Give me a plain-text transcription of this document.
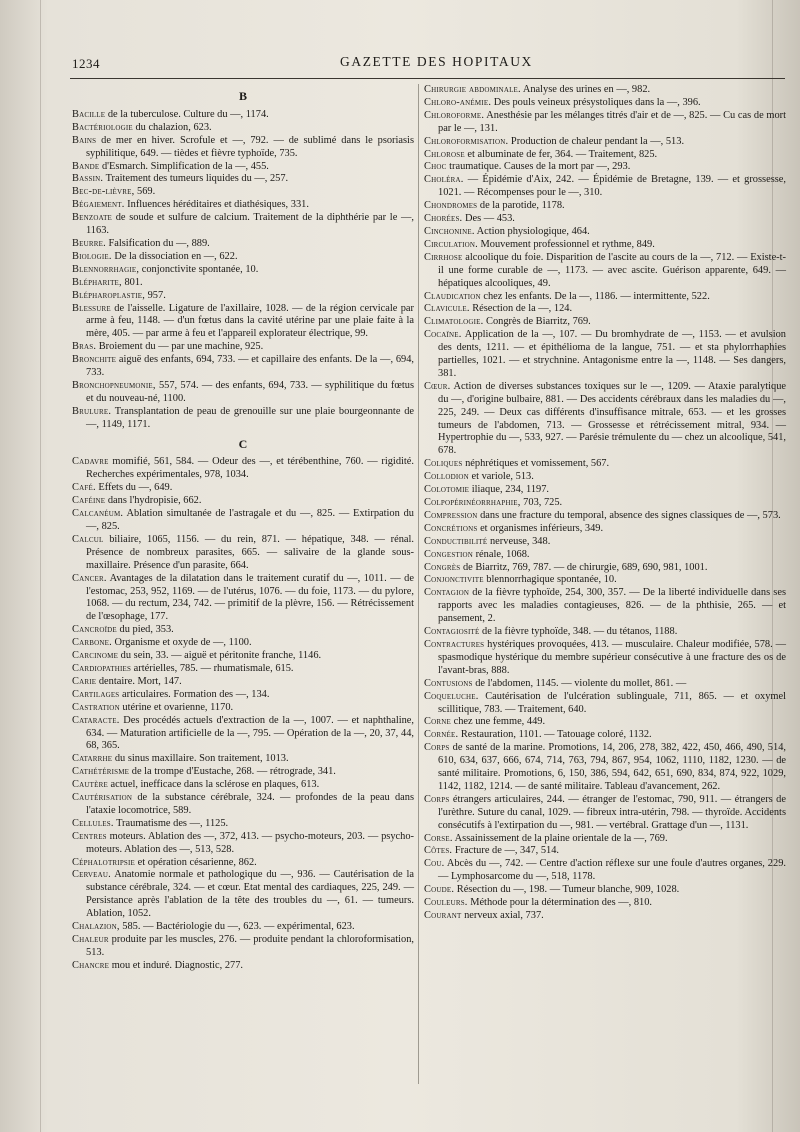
1234	GAZETTE DES HOPITAUX
B

Bacille de la tuberculose. Culture du —, 1174.

Bactériologie du chalazion, 623.

Bains de mer en hiver. Scrofule et —, 792. — de sublimé dans le psoriasis syphilitique, 649. — tièdes et fièvre typhoïde, 735.

Bande d'Esmarch. Simplification de la —, 455.

Bassin. Traitement des tumeurs liquides du —, 257.

Bec-de-lièvre, 569.

Bégaiement. Influences héréditaires et diathésiques, 331.

Benzoate de soude et sulfure de calcium. Traitement de la diphthérie par le —, 1163.

Beurre. Falsification du —, 889.

Biologie. De la dissociation en —, 622.

Blennorrhagie, conjonctivite spontanée, 10.

Blépharite, 801.

Blépharoplastie, 957.

Blessure de l'aisselle. Ligature de l'axillaire, 1028. — de la région cervicale par arme à feu, 1148. — d'un fœtus dans la cavité utérine par une plaie faite à la mère, 405. — par arme à feu et l'appareil explorateur électrique, 99.

Bras. Broiement du — par une machine, 925.

Bronchite aiguë des enfants, 694, 733. — et capillaire des enfants. De la —, 694, 733.

Bronchopneumonie, 557, 574. — des enfants, 694, 733. — syphilitique du fœtus et du nouveau-né, 1100.

Brulure. Transplantation de peau de grenouille sur une plaie bourgeonnante de —, 1149, 1171.

C

Cadavre momifié, 561, 584. — Odeur des —, et térébenthine, 760. — rigidité. Recherches expérimentales, 978, 1034.

Café. Effets du —, 649.

Caféine dans l'hydropisie, 662.

Calcanéum. Ablation simultanée de l'astragale et du —, 825. — Extirpation du —, 825.

Calcul biliaire, 1065, 1156. — du rein, 871. — hépatique, 348. — rénal. Présence de nombreux parasites, 665. — salivaire de la glande sous-maxillaire. Présence d'un parasite, 664.

Cancer. Avantages de la dilatation dans le traitement curatif du —, 1011. — de l'estomac, 253, 952, 1169. — de l'utérus, 1076. — du foie, 1173. — du pylore, 1068. — du rectum, 234, 742. — primitif de la plèvre, 156. — Rétrécissement de l'œsophage, 177.

Cancroïde du pied, 353.

Carbone. Organisme et oxyde de —, 1100.

Carcinome du sein, 33. — aiguë et péritonite franche, 1146.

Cardiopathies artérielles, 785. — rhumatismale, 615.

Carie dentaire. Mort, 147.

Cartilages articulaires. Formation des —, 134.

Castration utérine et ovarienne, 1170.

Cataracte. Des procédés actuels d'extraction de la —, 1007. — et naphthaline, 634. — Maturation artificielle de la —, 795. — Opération de la —, 20, 37, 44, 68, 365.

Catarrhe du sinus maxillaire. Son traitement, 1013.

Cathétérisme de la trompe d'Eustache, 268. — rétrograde, 341.

Cautère actuel, inefficace dans la sclérose en plaques, 613.

Cautérisation de la substance cérébrale, 324. — profondes de la peau dans l'ataxie locomotrice, 589.

Cellules. Traumatisme des —, 1125.

Centres moteurs. Ablation des —, 372, 413. — psycho-moteurs, 203. — psycho-moteurs. Ablation des —, 513, 528.

Céphalotripsie et opération césarienne, 862.

Cerveau. Anatomie normale et pathologique du —, 936. — Cautérisation de la substance cérébrale, 324. — et cœur. Etat mental des cardiaques, 225, 249. — Persistance après l'ablation de la tête des troubles du —, 61. — tumeurs. Ablation, 1052.

Chalazion, 585. — Bactériologie du —, 623. — expérimental, 623.

Chaleur produite par les muscles, 276. — produite pendant la chloroformisation, 513.

Chancre mou et induré. Diagnostic, 277.

Chirurgie abdominale. Analyse des urines en —, 982.

Chloro-anémie. Des pouls veineux présystoliques dans la —, 396.

Chloroforme. Anesthésie par les mélanges titrés d'air et de —, 825. — Cu cas de mort par le —, 131.

Chloroformisation. Production de chaleur pendant la —, 513.

Chlorose et albuminate de fer, 364. — Traitement, 825.

Choc traumatique. Causes de la mort par —, 293.

Choléra. — Épidémie d'Aix, 242. — Épidémie de Bretagne, 139. — et grossesse, 1021. — Récompenses pour le —, 310.

Chondromes de la parotide, 1178.

Chorées. Des — 453.

Cinchonine. Action physiologique, 464.

Circulation. Mouvement professionnel et rythme, 849.

Cirrhose alcoolique du foie. Disparition de l'ascite au cours de la —, 712. — Existe-t-il une forme curable de —, 1173. — avec ascite. Guérison apparente, 649. — hépatiques alcooliques, 49.

Claudication chez les enfants. De la —, 1186. — intermittente, 522.

Clavicule. Résection de la —, 124.

Climatologie. Congrès de Biarritz, 769.

Cocaïne. Application de la —, 107. — Du bromhydrate de —, 1153. — et avulsion des dents, 1211. — et épithélioma de la langue, 751. — et sta phylorrhaphies partielles, 1021. — et strychnine. Antagonisme entre la —, 1148. — Ses dangers, 381.

Cœur. Action de diverses substances toxiques sur le —, 1209. — Ataxie paralytique du —, d'origine bulbaire, 881. — Des accidents cérébraux dans les maladies du —, 225, 249. — Deux cas différents d'insuffisance mitrale, 653. — et les grosses tumeurs de l'abdomen, 713. — Grossesse et rétrécissement mitral, 934. — Hypertrophie du —, 533, 927. — Parésie trémulente du — chez un alcoolique, 541, 678.

Coliques néphrétiques et vomissement, 567.

Collodion et variole, 513.

Colotomie iliaque, 234, 1197.

Colpopérinéorrhaphie, 703, 725.

Compression dans une fracture du temporal, absence des signes classiques de —, 573.

Concrétions et organismes inférieurs, 349.

Conductibilité nerveuse, 348.

Congestion rénale, 1068.

Congrès de Biarritz, 769, 787. — de chirurgie, 689, 690, 981, 1001.

Conjonctivite blennorrhagique spontanée, 10.

Contagion de la fièvre typhoïde, 254, 300, 357. — De la liberté individuelle dans ses rapports avec les maladies contagieuses, 826. — de la phthisie, 265. — et pansement, 2.

Contagiosité de la fièvre typhoïde, 348. — du tétanos, 1188.

Contractures hystériques provoquées, 413. — musculaire. Chaleur modifiée, 578. — spasmodique hystérique du membre supérieur consécutive à une fracture des os de l'avant-bras, 888.

Contusions de l'abdomen, 1145. — violente du mollet, 861. —

Coqueluche. Cautérisation de l'ulcération sublinguale, 711, 865. — et oxymel scillitique, 783. — Traitement, 640.

Corne chez une femme, 449.

Cornée. Restauration, 1101. — Tatouage coloré, 1132.

Corps de santé de la marine. Promotions, 14, 206, 278, 382, 422, 450, 466, 490, 514, 610, 634, 637, 666, 674, 714, 763, 794, 867, 954, 1062, 1110, 1182, 1230. — de santé militaire. Promotions, 6, 150, 386, 594, 642, 651, 690, 834, 874, 922, 1029, 1142, 1182, 1214. — de santé militaire. Tableau d'avancement, 262.

Corps étrangers articulaires, 244. — étranger de l'estomac, 790, 911. — étrangers de l'urèthre. Suture du canal, 1029. — fibreux intra-utérin, 798. — thyroïde. Accidents consécutifs à l'extirpation du —, 981. — vertébral. Grattage d'un —, 1131.

Corse. Assainissement de la plaine orientale de la —, 769.

Côtes. Fracture de —, 347, 514.

Cou. Abcès du —, 742. — Centre d'action réflexe sur une foule d'autres organes, 229. — Lymphosarcome du —, 518, 1178.

Coude. Résection du —, 198. — Tumeur blanche, 909, 1028.

Couleurs. Méthode pour la détermination des —, 810.

Courant nerveux axial, 737.
